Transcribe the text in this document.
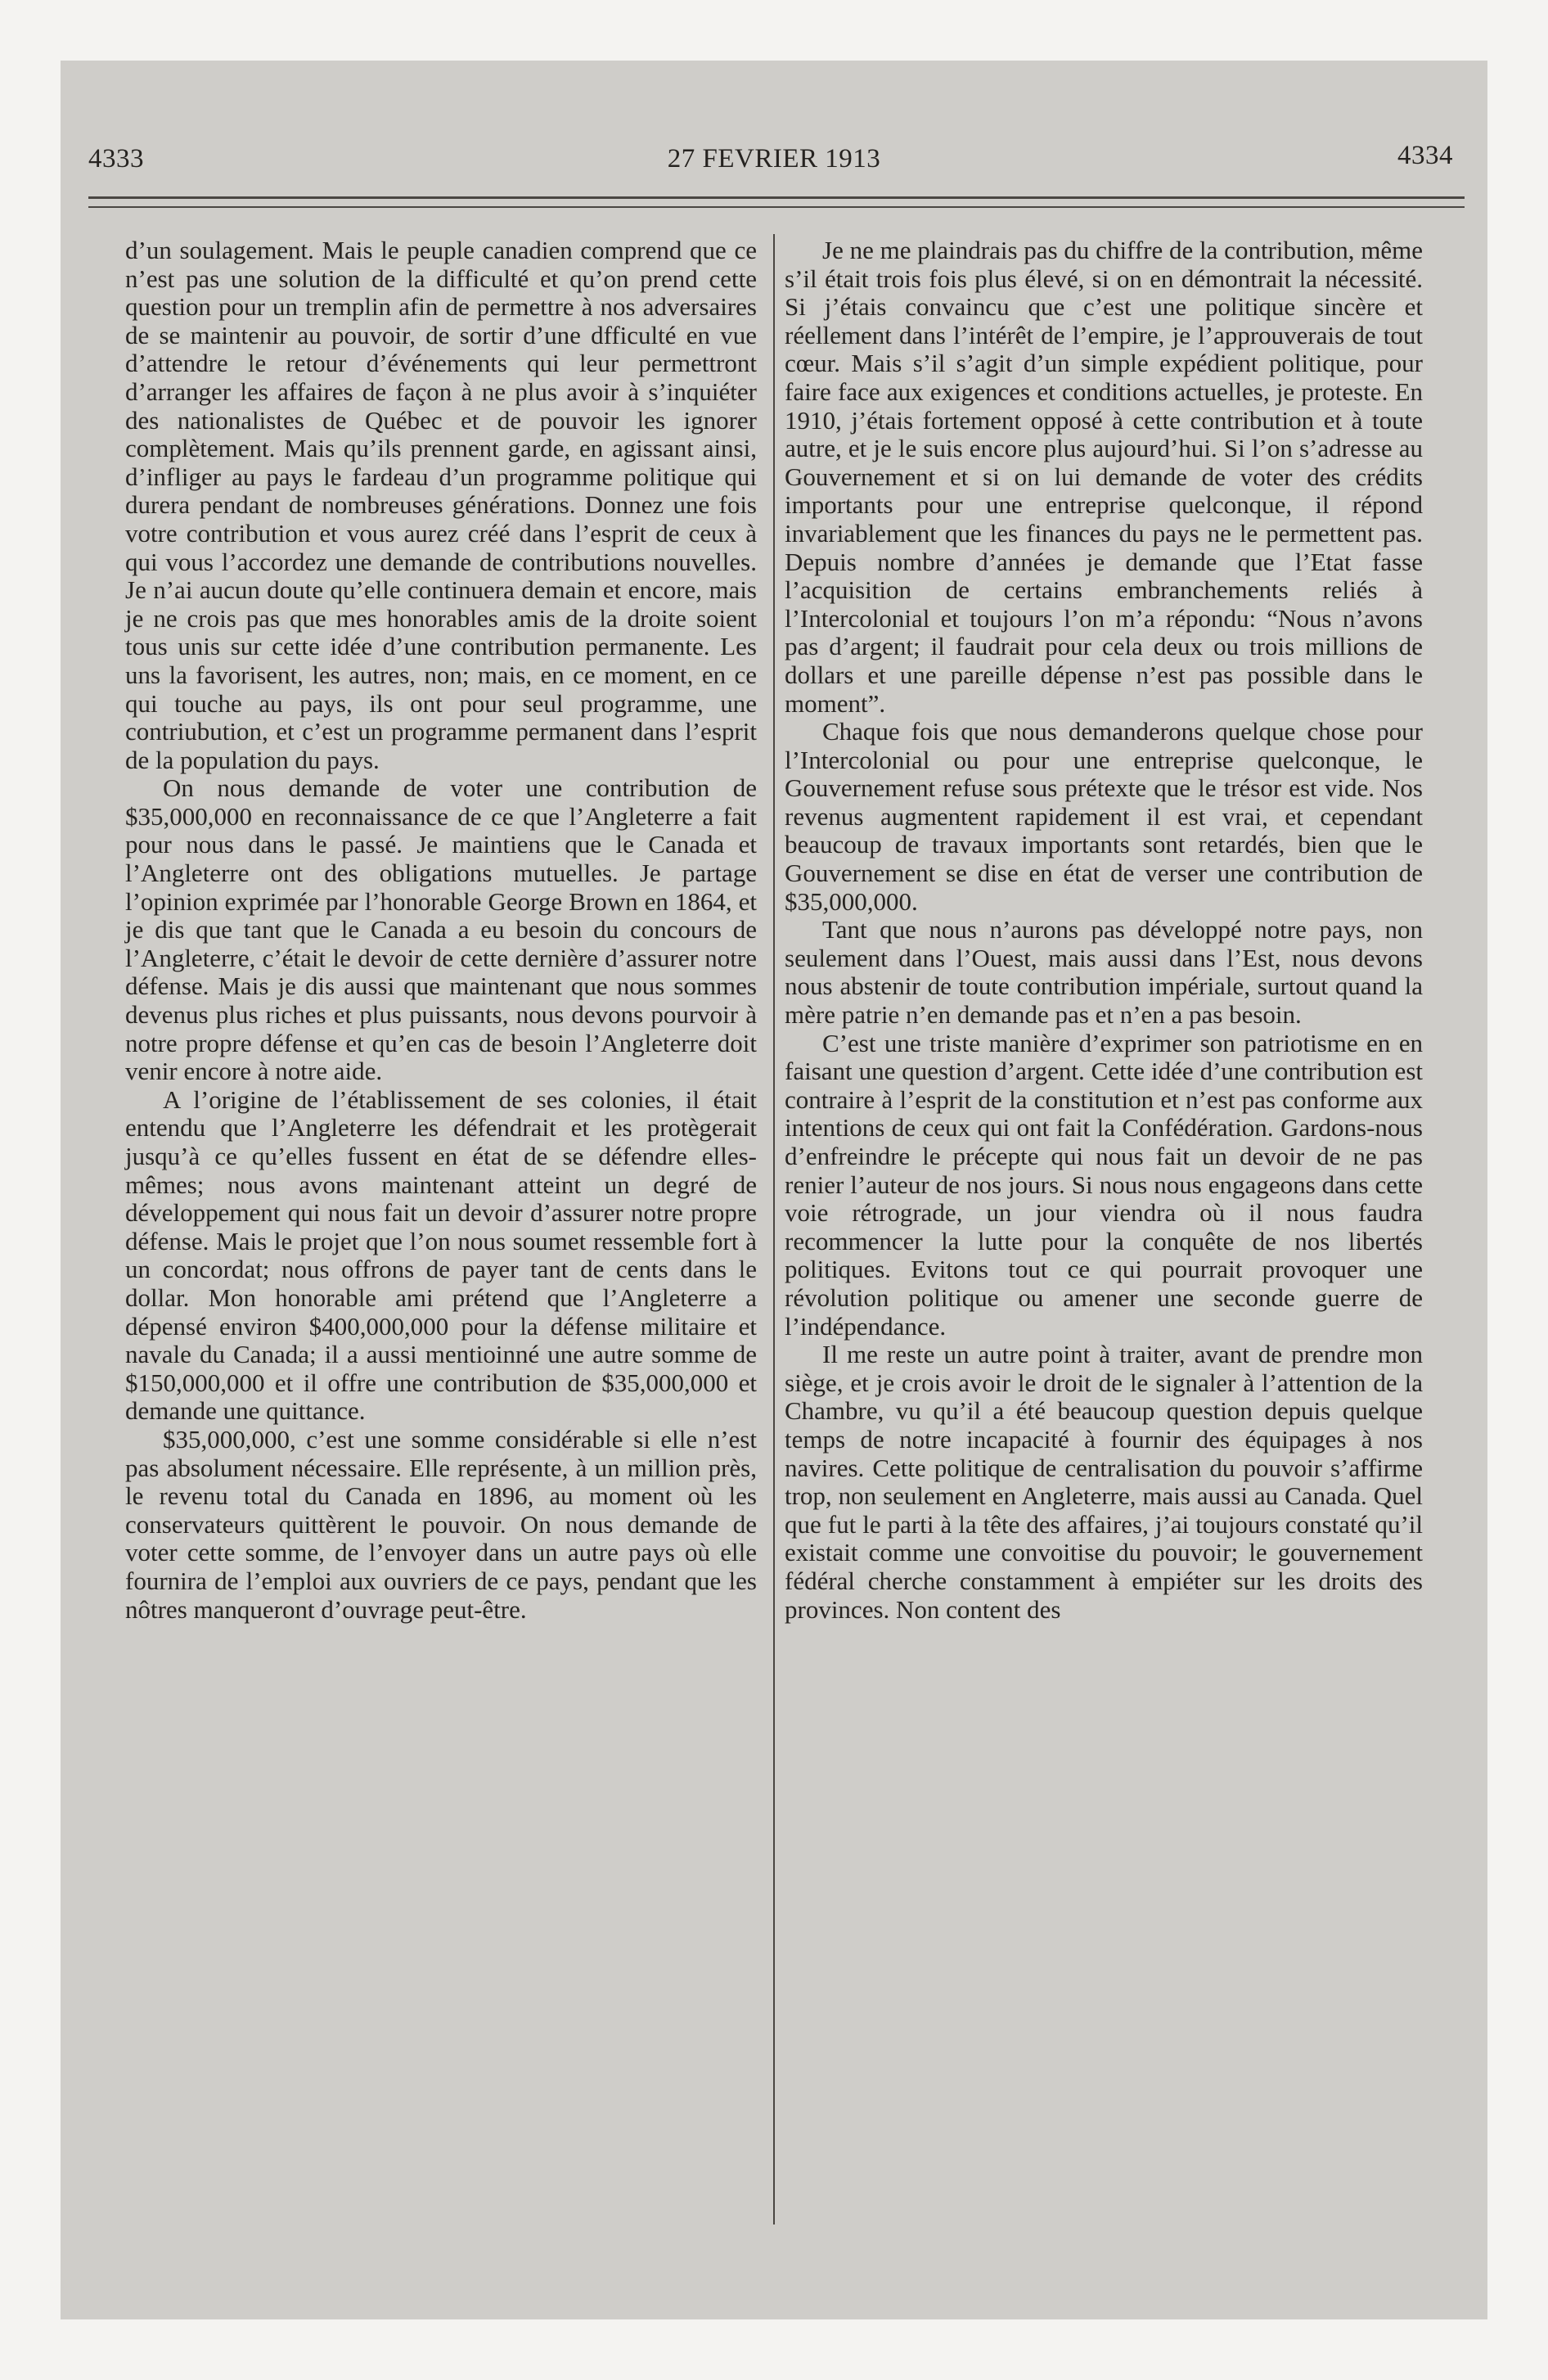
4333	27 FEVRIER 1913	4334

d’un soulagement. Mais le peuple canadien comprend que ce n’est pas une solution de la difficulté et qu’on prend cette question pour un tremplin afin de permettre à nos adversaires de se maintenir au pouvoir, de sortir d’une dfficulté en vue d’attendre le retour d’événements qui leur permettront d’arranger les affaires de façon à ne plus avoir à s’inquiéter des nationalistes de Québec et de pouvoir les ignorer complètement. Mais qu’ils prennent garde, en agissant ainsi, d’infliger au pays le fardeau d’un programme politique qui durera pendant de nombreuses générations. Donnez une fois votre contribution et vous aurez créé dans l’esprit de ceux à qui vous l’accordez une demande de contributions nouvelles. Je n’ai aucun doute qu’elle continuera demain et encore, mais je ne crois pas que mes honorables amis de la droite soient tous unis sur cette idée d’une contribution permanente. Les uns la favorisent, les autres, non; mais, en ce moment, en ce qui touche au pays, ils ont pour seul programme, une contriubution, et c’est un programme permanent dans l’esprit de la population du pays.

On nous demande de voter une contribution de $35,000,000 en reconnaissance de ce que l’Angleterre a fait pour nous dans le passé. Je maintiens que le Canada et l’Angleterre ont des obligations mutuelles. Je partage l’opinion exprimée par l’honorable George Brown en 1864, et je dis que tant que le Canada a eu besoin du concours de l’Angleterre, c’était le devoir de cette dernière d’assurer notre défense. Mais je dis aussi que maintenant que nous sommes devenus plus riches et plus puissants, nous devons pourvoir à notre propre défense et qu’en cas de besoin l’Angleterre doit venir encore à notre aide.

A l’origine de l’établissement de ses colonies, il était entendu que l’Angleterre les défendrait et les protègerait jusqu’à ce qu’elles fussent en état de se défendre elles-mêmes; nous avons maintenant atteint un degré de développement qui nous fait un devoir d’assurer notre propre défense. Mais le projet que l’on nous soumet ressemble fort à un concordat; nous offrons de payer tant de cents dans le dollar. Mon honorable ami prétend que l’Angleterre a dépensé environ $400,000,000 pour la défense militaire et navale du Canada; il a aussi mentioinné une autre somme de $150,000,000 et il offre une contribution de $35,000,000 et demande une quittance.

$35,000,000, c’est une somme considérable si elle n’est pas absolument nécessaire. Elle représente, à un million près, le revenu total du Canada en 1896, au moment où les conservateurs quittèrent le pouvoir. On nous demande de voter cette somme, de l’envoyer dans un autre pays où elle fournira de l’emploi aux ouvriers de ce pays, pendant que les nôtres manqueront d’ouvrage peut-être.

Je ne me plaindrais pas du chiffre de la contribution, même s’il était trois fois plus élevé, si on en démontrait la nécessité. Si j’étais convaincu que c’est une politique sincère et réellement dans l’intérêt de l’empire, je l’approuverais de tout cœur. Mais s’il s’agit d’un simple expédient politique, pour faire face aux exigences et conditions actuelles, je proteste. En 1910, j’étais fortement opposé à cette contribution et à toute autre, et je le suis encore plus aujourd’hui. Si l’on s’adresse au Gouvernement et si on lui demande de voter des crédits importants pour une entreprise quelconque, il répond invariablement que les finances du pays ne le permettent pas. Depuis nombre d’années je demande que l’Etat fasse l’acquisition de certains embranchements reliés à l’Intercolonial et toujours l’on m’a répondu: “Nous n’avons pas d’argent; il faudrait pour cela deux ou trois millions de dollars et une pareille dépense n’est pas possible dans le moment”.

Chaque fois que nous demanderons quelque chose pour l’Intercolonial ou pour une entreprise quelconque, le Gouvernement refuse sous prétexte que le trésor est vide. Nos revenus augmentent rapidement il est vrai, et cependant beaucoup de travaux importants sont retardés, bien que le Gouvernement se dise en état de verser une contribution de $35,000,000.

Tant que nous n’aurons pas développé notre pays, non seulement dans l’Ouest, mais aussi dans l’Est, nous devons nous abstenir de toute contribution impériale, surtout quand la mère patrie n’en demande pas et n’en a pas besoin.

C’est une triste manière d’exprimer son patriotisme en en faisant une question d’argent. Cette idée d’une contribution est contraire à l’esprit de la constitution et n’est pas conforme aux intentions de ceux qui ont fait la Confédération. Gardons-nous d’enfreindre le précepte qui nous fait un devoir de ne pas renier l’auteur de nos jours. Si nous nous engageons dans cette voie rétrograde, un jour viendra où il nous faudra recommencer la lutte pour la conquête de nos libertés politiques. Evitons tout ce qui pourrait provoquer une révolution politique ou amener une seconde guerre de l’indépendance.

Il me reste un autre point à traiter, avant de prendre mon siège, et je crois avoir le droit de le signaler à l’attention de la Chambre, vu qu’il a été beaucoup question depuis quelque temps de notre incapacité à fournir des équipages à nos navires. Cette politique de centralisation du pouvoir s’affirme trop, non seulement en Angleterre, mais aussi au Canada. Quel que fut le parti à la tête des affaires, j’ai toujours constaté qu’il existait comme une convoitise du pouvoir; le gouvernement fédéral cherche constamment à empiéter sur les droits des provinces. Non content des
